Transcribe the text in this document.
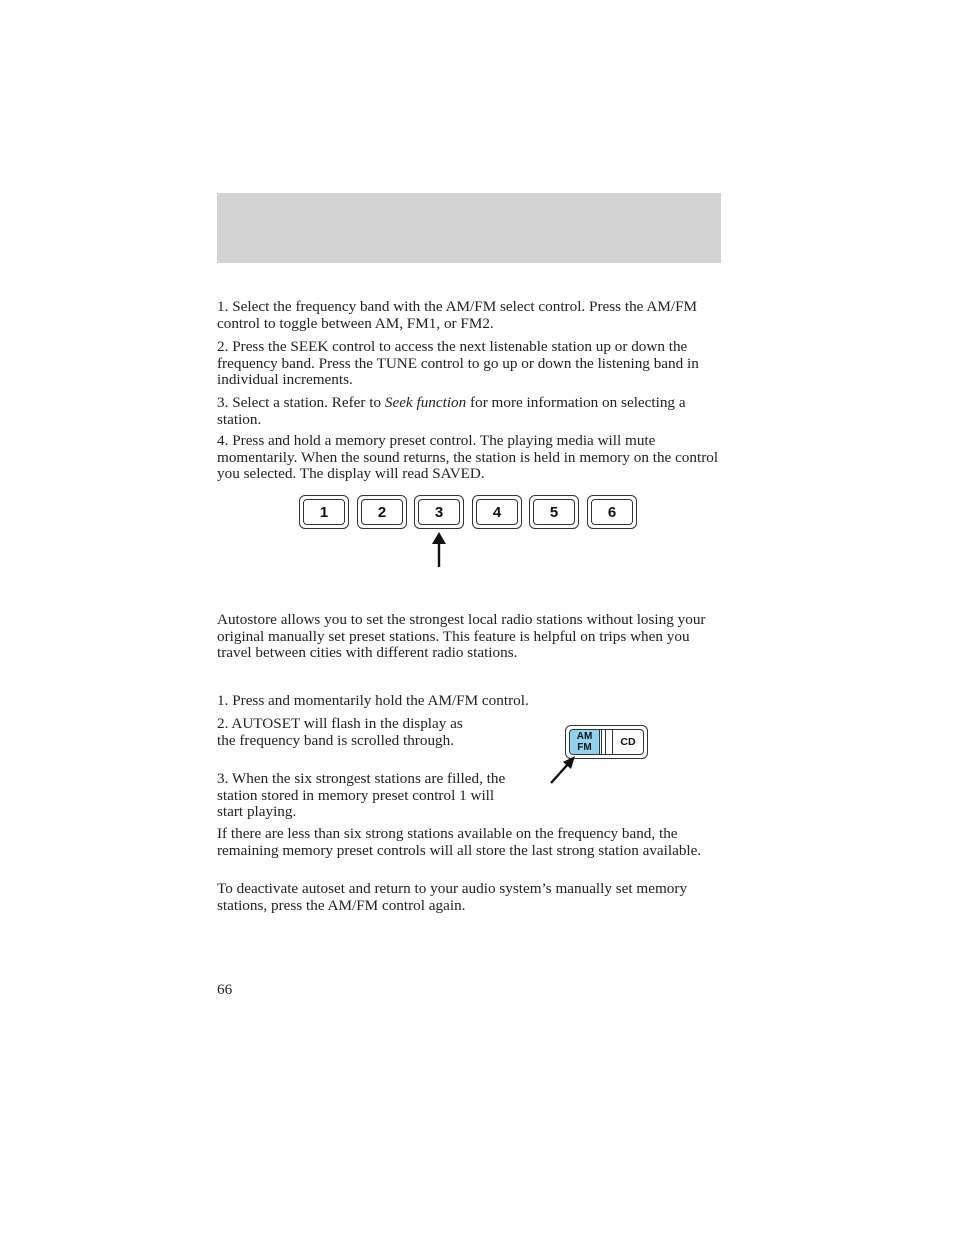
1. Select the frequency band with the AM/FM select control. Press the AM/FM control to toggle between AM, FM1, or FM2.

2. Press the SEEK control to access the next listenable station up or down the frequency band. Press the TUNE control to go up or down the listening band in individual increments.

3. Select a station. Refer to Seek function for more information on selecting a station.

4. Press and hold a memory preset control. The playing media will mute momentarily. When the sound returns, the station is held in memory on the control you selected. The display will read SAVED.

1	2	3	4	5	6

Autostore allows you to set the strongest local radio stations without losing your original manually set preset stations. This feature is helpful on trips when you travel between cities with different radio stations.

1. Press and momentarily hold the AM/FM control.

2. AUTOSET will flash in the display as the frequency band is scrolled through.

3. When the six strongest stations are filled, the station stored in memory preset control 1 will start playing.

AM
FM	CD

If there are less than six strong stations available on the frequency band, the remaining memory preset controls will all store the last strong station available.

To deactivate autoset and return to your audio system’s manually set memory stations, press the AM/FM control again.

66
